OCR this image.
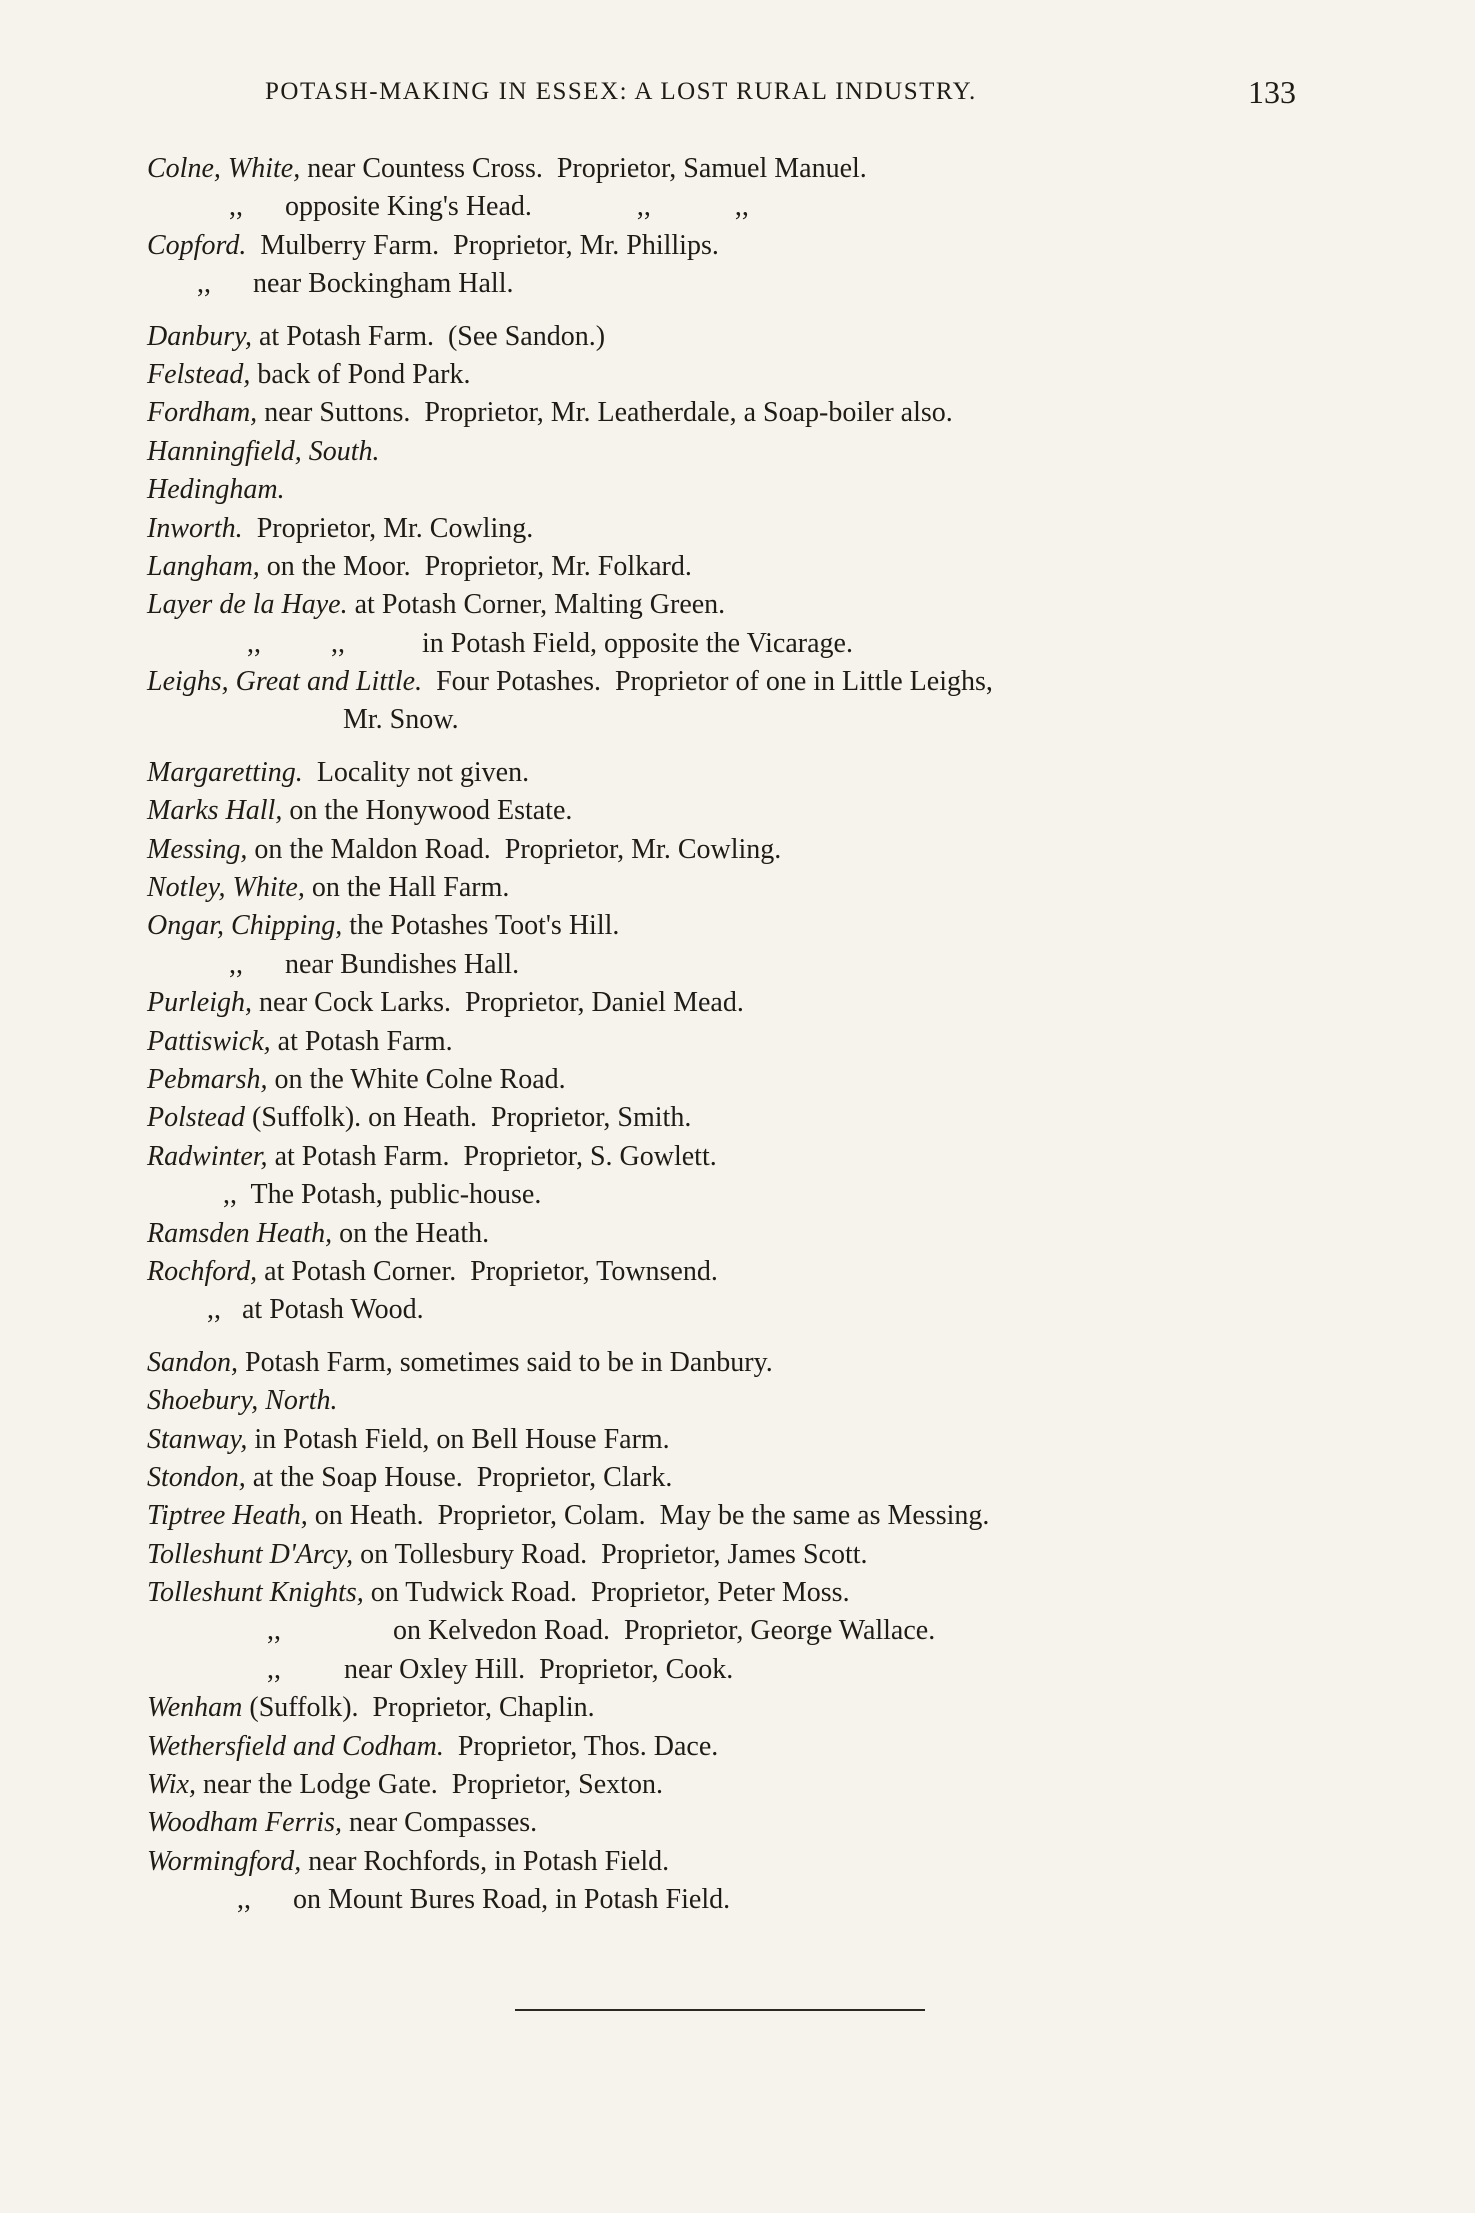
POTASH-MAKING IN ESSEX: A LOST RURAL INDUSTRY.	133
Colne, White, near Countess Cross.  Proprietor, Samuel Manuel.
,,      opposite King's Head.               ,,            ,,
Copford. Mulberry Farm.  Proprietor, Mr. Phillips.
,,      near Bockingham Hall.
Danbury, at Potash Farm.  (See Sandon.)
Felstead, back of Pond Park.
Fordham, near Suttons.  Proprietor, Mr. Leatherdale, a Soap-boiler also.
Hanningfield, South.
Hedingham.
Inworth. Proprietor, Mr. Cowling.
Langham, on the Moor.  Proprietor, Mr. Folkard.
Layer de la Haye. at Potash Corner, Malting Green.
,,          ,,           in Potash Field, opposite the Vicarage.
Leighs, Great and Little. Four Potashes.  Proprietor of one in Little Leighs,
Mr. Snow.
Margaretting. Locality not given.
Marks Hall, on the Honywood Estate.
Messing, on the Maldon Road.  Proprietor, Mr. Cowling.
Notley, White, on the Hall Farm.
Ongar, Chipping, the Potashes Toot's Hill.
,,      near Bundishes Hall.
Purleigh, near Cock Larks.  Proprietor, Daniel Mead.
Pattiswick, at Potash Farm.
Pebmarsh, on the White Colne Road.
Polstead (Suffolk). on Heath.  Proprietor, Smith.
Radwinter, at Potash Farm.  Proprietor, S. Gowlett.
,,  The Potash, public-house.
Ramsden Heath, on the Heath.
Rochford, at Potash Corner.  Proprietor, Townsend.
,,   at Potash Wood.
Sandon, Potash Farm, sometimes said to be in Danbury.
Shoebury, North.
Stanway, in Potash Field, on Bell House Farm.
Stondon, at the Soap House.  Proprietor, Clark.
Tiptree Heath, on Heath.  Proprietor, Colam.  May be the same as Messing.
Tolleshunt D'Arcy, on Tollesbury Road.  Proprietor, James Scott.
Tolleshunt Knights, on Tudwick Road.  Proprietor, Peter Moss.
,,                on Kelvedon Road.  Proprietor, George Wallace.
,,         near Oxley Hill.  Proprietor, Cook.
Wenham (Suffolk).  Proprietor, Chaplin.
Wethersfield and Codham. Proprietor, Thos. Dace.
Wix, near the Lodge Gate.  Proprietor, Sexton.
Woodham Ferris, near Compasses.
Wormingford, near Rochfords, in Potash Field.
,,      on Mount Bures Road, in Potash Field.
